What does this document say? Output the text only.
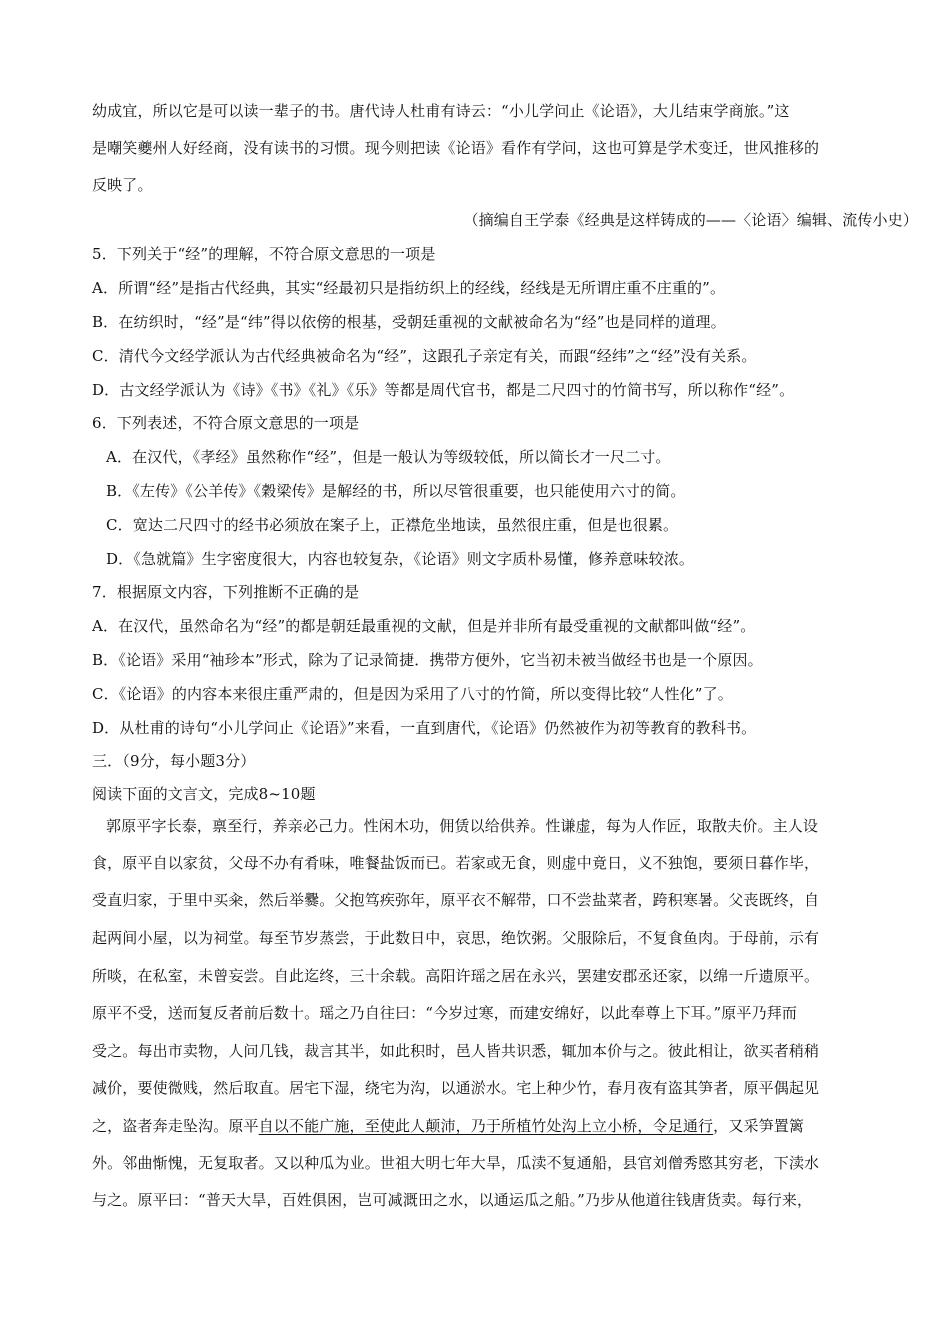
幼成宜，所以它是可以读一辈子的书。唐代诗人杜甫有诗云：“小儿学问止《论语》，大儿结束学商旅。”这
是嘲笑夔州人好经商，没有读书的习惯。现今则把读《论语》看作有学问，这也可算是学术变迁，世风推移的
反映了。
（摘编自王学泰《经典是这样铸成的——〈论语〉编辑、流传小史）
5．下列关于“经”的理解，不符合原文意思的一项是
A．所谓“经”是指古代经典，其实“经最初只是指纺织上的经线，经线是无所谓庄重不庄重的”。
B．在纺织时，“经”是“纬”得以依傍的根基，受朝廷重视的文献被命名为“经”也是同样的道理。
C．清代今文经学派认为古代经典被命名为“经”，这跟孔子亲定有关，而跟“经纬”之“经”没有关系。
D．古文经学派认为《诗》《书》《礼》《乐》等都是周代官书，都是二尺四寸的竹简书写，所以称作“经”。
6．下列表述，不符合原文意思的一项是
A．在汉代，《孝经》虽然称作“经”，但是一般认为等级较低，所以简长才一尺二寸。
B．《左传》《公羊传》《穀梁传》是解经的书，所以尽管很重要，也只能使用六寸的简。
C．宽达二尺四寸的经书必须放在案子上，正襟危坐地读，虽然很庄重，但是也很累。
D．《急就篇》生字密度很大，内容也较复杂，《论语》则文字质朴易懂，修养意味较浓。
7．根据原文内容，下列推断不正确的是
A．在汉代，虽然命名为“经”的都是朝廷最重视的文献，但是并非所有最受重视的文献都叫做“经”。
B．《论语》采用“袖珍本”形式，除为了记录简捷．携带方便外，它当初未被当做经书也是一个原因。
C．《论语》的内容本来很庄重严肃的，但是因为采用了八寸的竹简，所以变得比较“人性化”了。
D．从杜甫的诗句“小儿学问止《论语》”来看，一直到唐代，《论语》仍然被作为初等教育的教科书。
三．（9分，每小题3分）
阅读下面的文言文，完成8~10题
郭原平字长泰，禀至行，养亲必己力。性闲木功，佣赁以给供养。性谦虚，每为人作匠，取散夫价。主人设
食，原平自以家贫，父母不办有肴味，唯餐盐饭而已。若家或无食，则虚中竟日，义不独饱，要须日暮作毕，
受直归家，于里中买籴，然后举爨。父抱笃疾弥年，原平衣不解带，口不尝盐菜者，跨积寒暑。父丧既终，自
起两间小屋，以为祠堂。每至节岁蒸尝，于此数日中，哀思，绝饮粥。父服除后，不复食鱼肉。于母前，示有
所啖，在私室，未曾妄尝。自此迄终，三十余载。高阳许瑶之居在永兴，罢建安郡丞还家，以绵一斤遗原平。
原平不受，送而复反者前后数十。瑶之乃自往曰：“今岁过寒，而建安绵好，以此奉尊上下耳。”原平乃拜而
受之。每出市卖物，人问几钱，裁言其半，如此积时，邑人皆共识悉，辄加本价与之。彼此相让，欲买者稍稍
减价，要使微贱，然后取直。居宅下湿，绕宅为沟，以通淤水。宅上种少竹，春月夜有盗其笋者，原平偶起见
之，盗者奔走坠沟。原平自以不能广施，至使此人颠沛，乃于所植竹处沟上立小桥，令足通行，又采笋置篱
外。邻曲惭愧，无复取者。又以种瓜为业。世祖大明七年大旱，瓜渎不复通船，县官刘僧秀愍其穷老，下渎水
与之。原平曰：“普天大旱，百姓俱困，岂可减溉田之水，以通运瓜之船。”乃步从他道往钱唐货卖。每行来，
